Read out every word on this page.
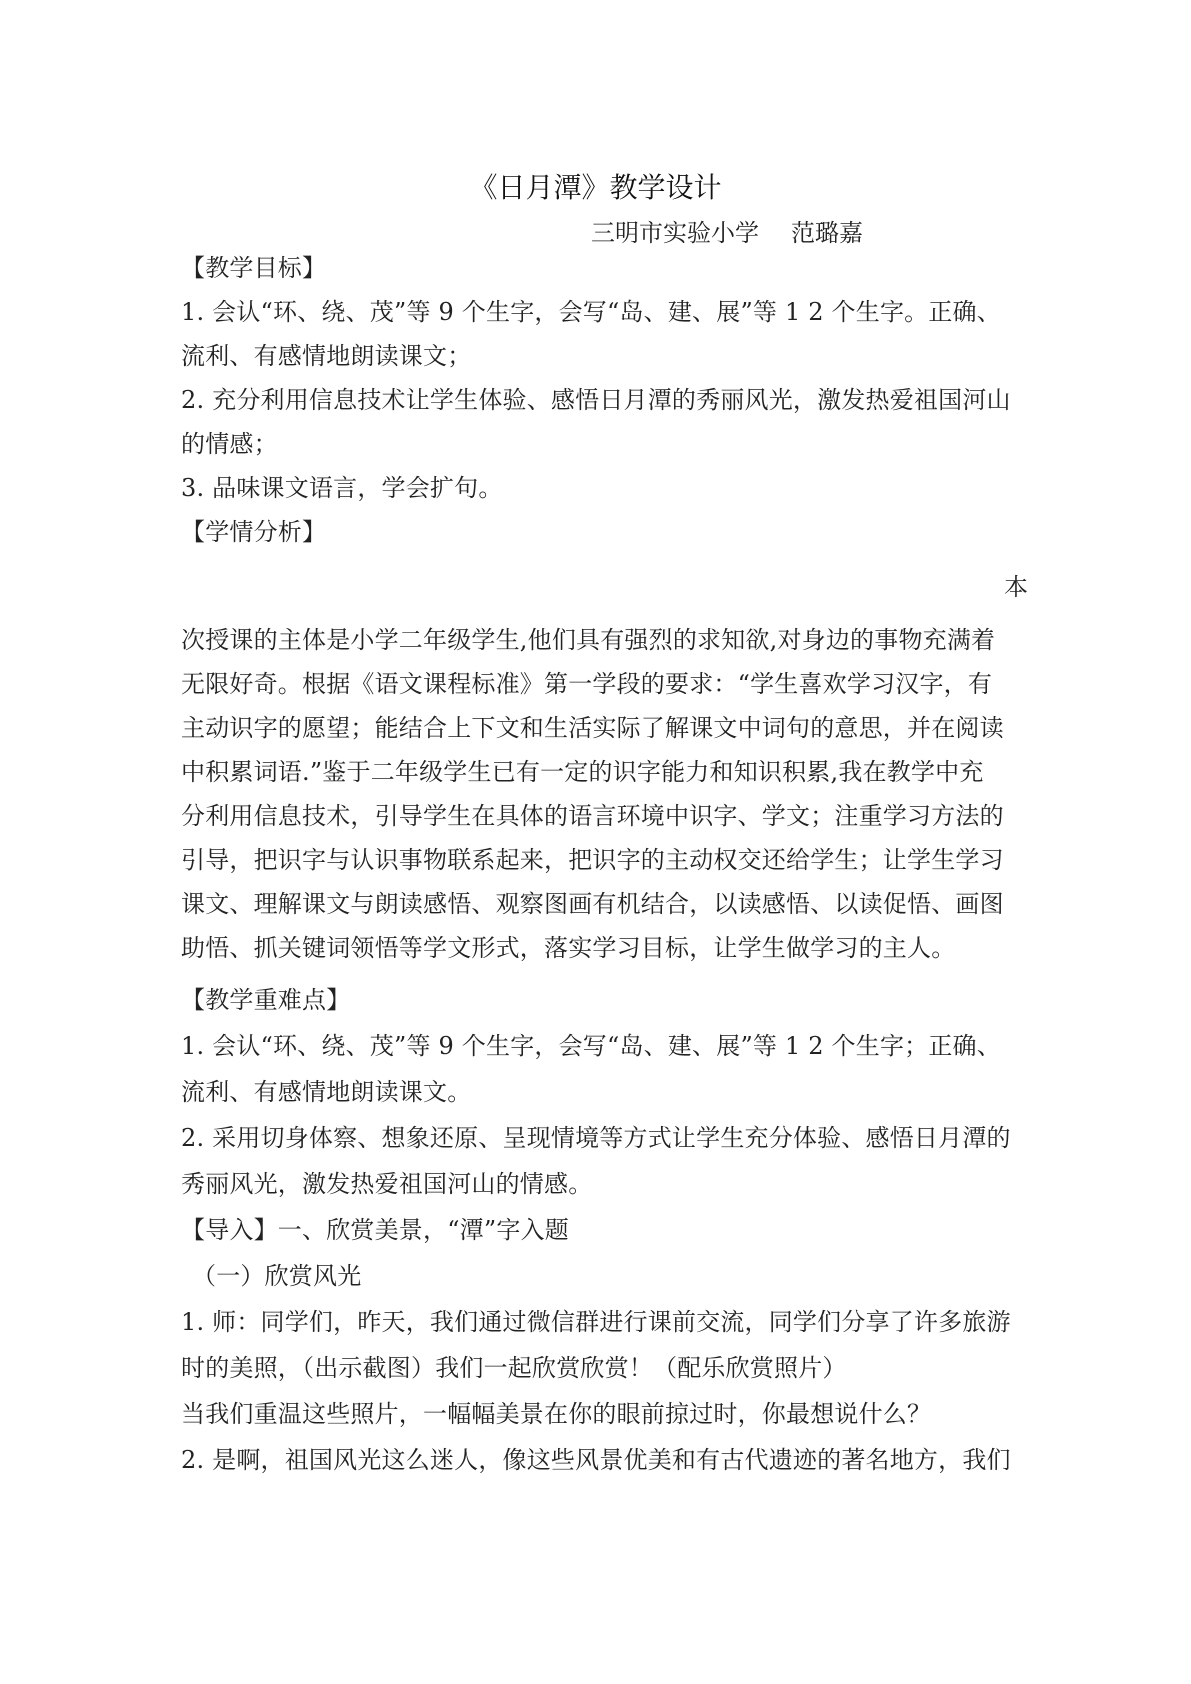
《日月潭》教学设计
三明市实验小学 范璐嘉
【教学目标】
1. 会认“环、绕、茂”等 9 个生字，会写“岛、建、展”等 1 2 个生字。正确、
流利、有感情地朗读课文；
2. 充分利用信息技术让学生体验、感悟日月潭的秀丽风光，激发热爱祖国河山
的情感；
3. 品味课文语言，学会扩句。
【学情分析】
本
次授课的主体是小学二年级学生,他们具有强烈的求知欲,对身边的事物充满着
无限好奇。根据《语文课程标准》第一学段的要求：“学生喜欢学习汉字，有
主动识字的愿望；能结合上下文和生活实际了解课文中词句的意思，并在阅读
中积累词语.”鉴于二年级学生已有一定的识字能力和知识积累,我在教学中充
分利用信息技术，引导学生在具体的语言环境中识字、学文；注重学习方法的
引导，把识字与认识事物联系起来，把识字的主动权交还给学生；让学生学习
课文、理解课文与朗读感悟、观察图画有机结合，以读感悟、以读促悟、画图
助悟、抓关键词领悟等学文形式，落实学习目标，让学生做学习的主人。
【教学重难点】
1. 会认“环、绕、茂”等 9 个生字，会写“岛、建、展”等 1 2 个生字；正确、
流利、有感情地朗读课文。
2. 采用切身体察、想象还原、呈现情境等方式让学生充分体验、感悟日月潭的
秀丽风光，激发热爱祖国河山的情感。
【导入】一、欣赏美景，“潭”字入题
（一）欣赏风光
1. 师：同学们，昨天，我们通过微信群进行课前交流，同学们分享了许多旅游
时的美照，（出示截图）我们一起欣赏欣赏！（配乐欣赏照片）
当我们重温这些照片，一幅幅美景在你的眼前掠过时，你最想说什么？
2. 是啊，祖国风光这么迷人，像这些风景优美和有古代遗迹的著名地方，我们
